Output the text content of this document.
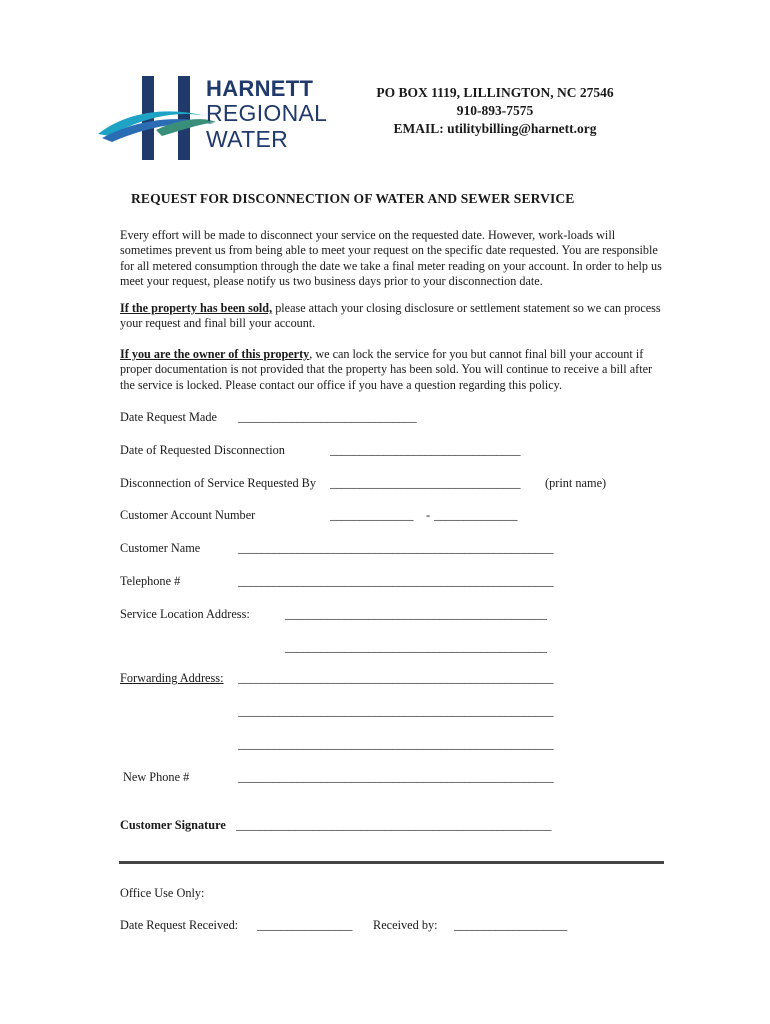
HARNETT
REGIONAL
WATER
PO BOX 1119, LILLINGTON, NC 27546
910-893-7575
EMAIL: utilitybilling@harnett.org
REQUEST FOR DISCONNECTION OF WATER AND SEWER SERVICE
Every effort will be made to disconnect your service on the requested date. However, work-loads will sometimes prevent us from being able to meet your request on the specific date requested. You are responsible for all metered consumption through the date we take a final meter reading on your account. In order to help us meet your request, please notify us two business days prior to your disconnection date.
If the property has been sold, please attach your closing disclosure or settlement statement so we can process your request and final bill your account.
If you are the owner of this property, we can lock the service for you but cannot final bill your account if proper documentation is not provided that the property has been sold. You will continue to receive a bill after the service is locked. Please contact our office if you have a question regarding this policy.
Date Request Made ______________________________
Date of Requested Disconnection	________________________________
Disconnection of Service Requested By ________________________________ (print name)
Customer Account Number	______________ - ______________
Customer Name	_____________________________________________________
Telephone #	_____________________________________________________
Service Location Address:	____________________________________________
____________________________________________
Forwarding Address: _____________________________________________________
_____________________________________________________
_____________________________________________________
New Phone #	_____________________________________________________
Customer Signature _____________________________________________________
Office Use Only:
Date Request Received: ________________ Received by: ___________________
